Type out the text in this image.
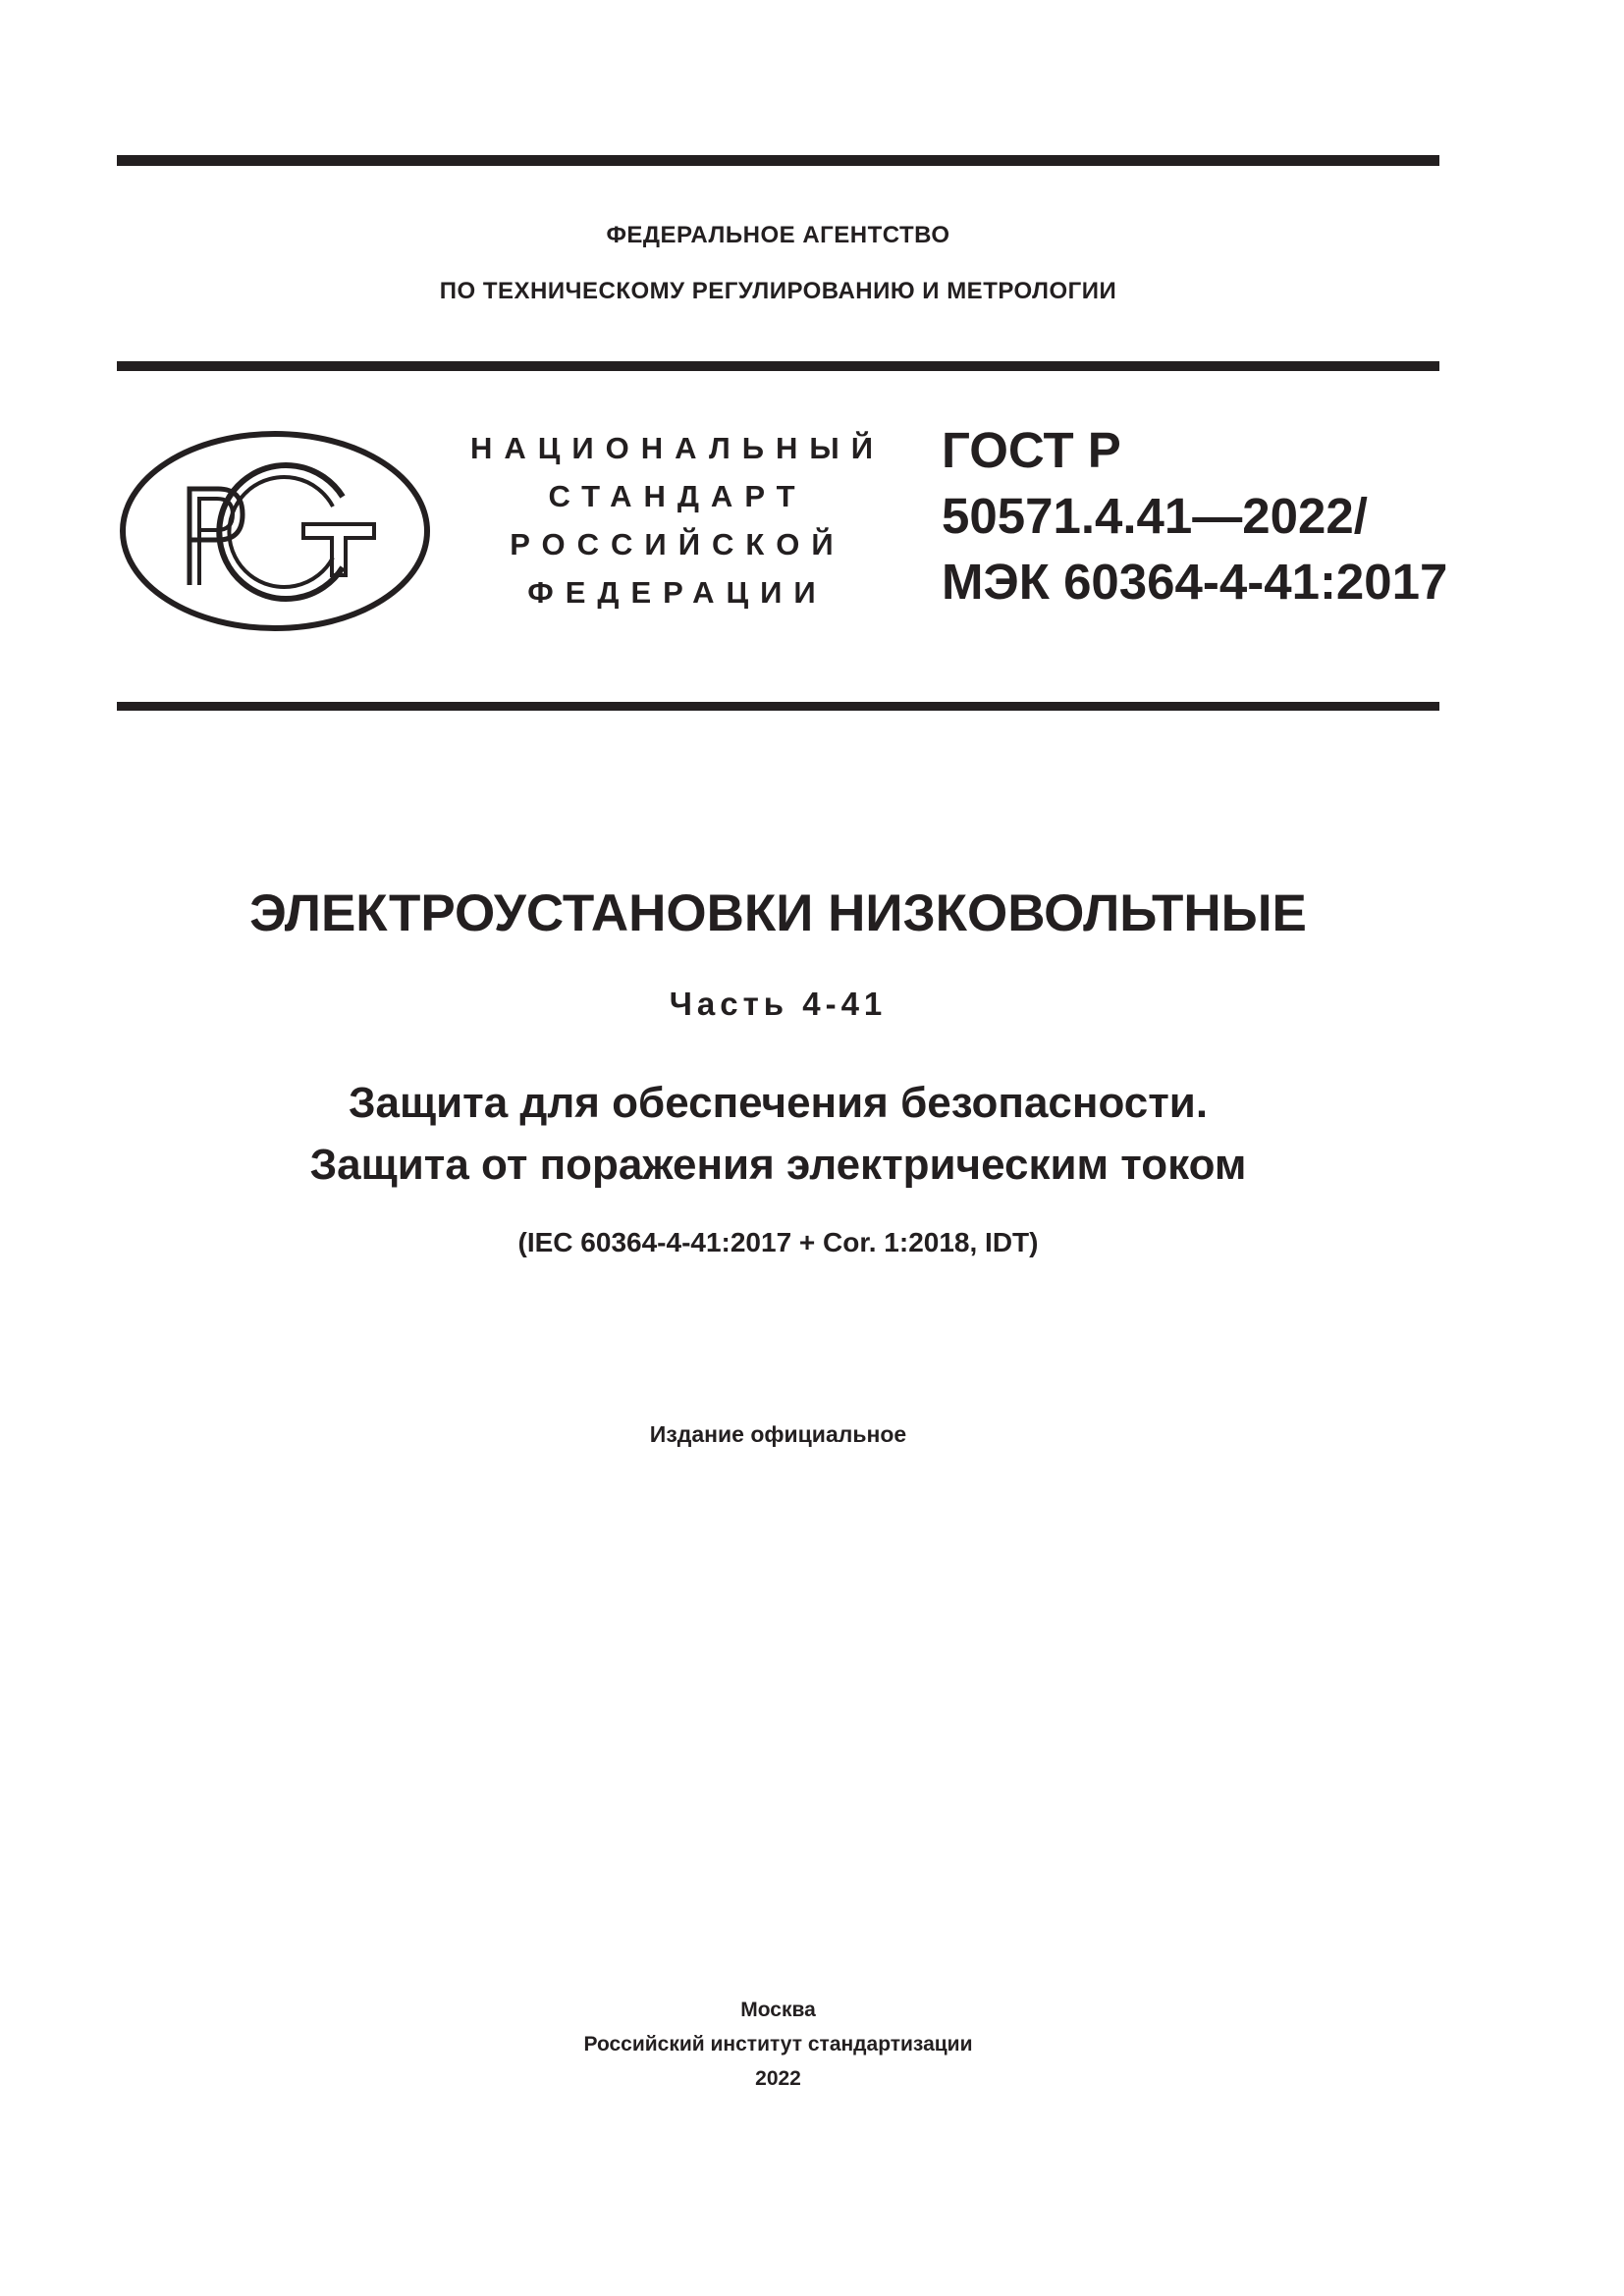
ФЕДЕРАЛЬНОЕ АГЕНТСТВО
ПО ТЕХНИЧЕСКОМУ РЕГУЛИРОВАНИЮ И МЕТРОЛОГИИ
НАЦИОНАЛЬНЫЙ
СТАНДАРТ
РОССИЙСКОЙ
ФЕДЕРАЦИИ
ГОСТ Р
50571.4.41—2022/
МЭК 60364-4-41:2017
ЭЛЕКТРОУСТАНОВКИ НИЗКОВОЛЬТНЫЕ
Часть 4-41
Защита для обеспечения безопасности.
Защита от поражения электрическим током
(IEC 60364-4-41:2017 + Cor. 1:2018, IDT)
Издание официальное
Москва
Российский институт стандартизации
2022
